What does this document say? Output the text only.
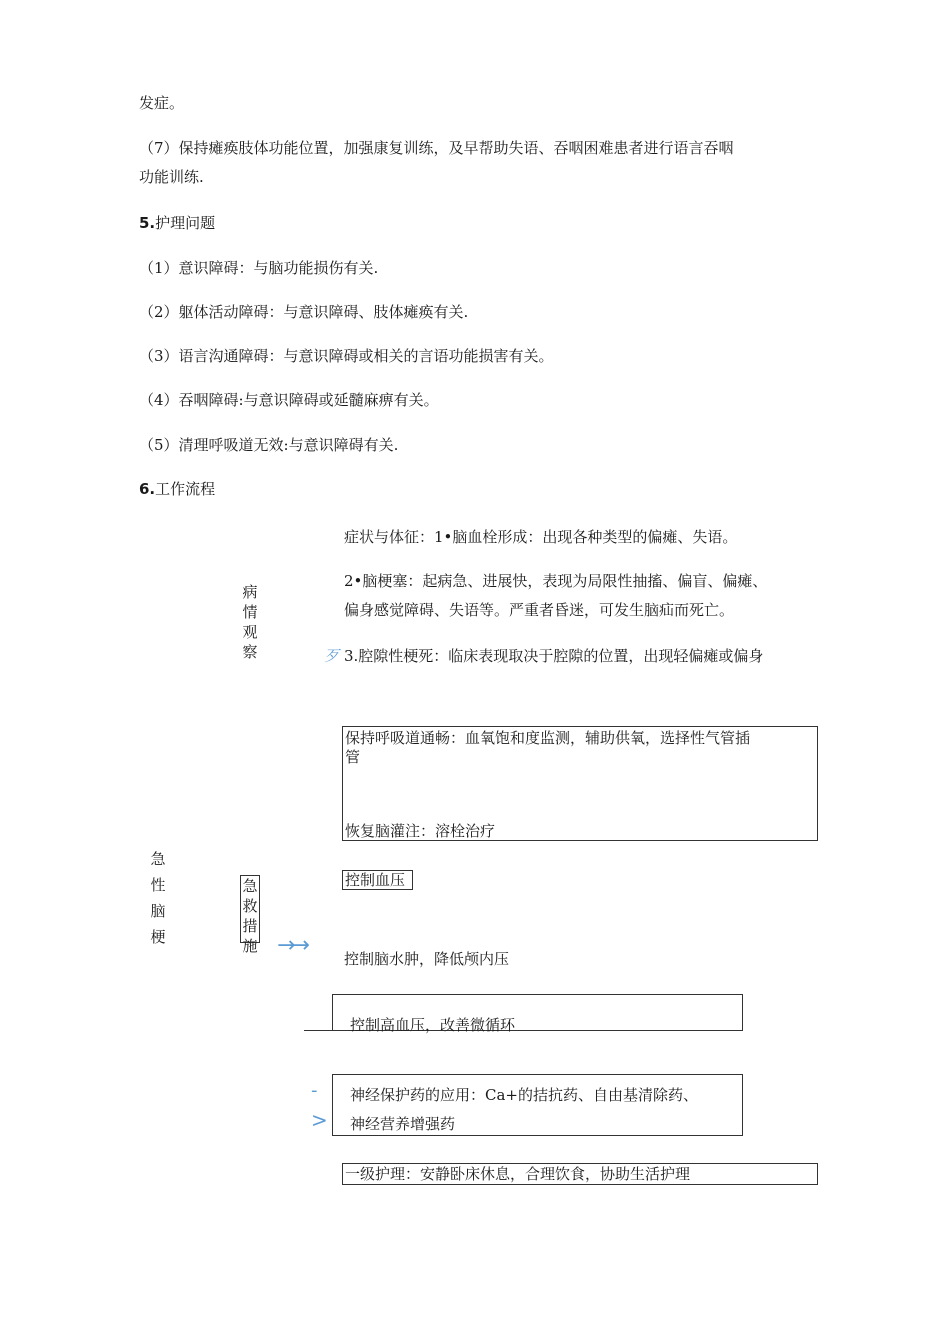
发症。
（7）保持瘫痪肢体功能位置，加强康复训练，及早帮助失语、吞咽困难患者进行语言吞咽
功能训练.
5.护理问题
（1）意识障碍：与脑功能损伤有关.
（2）躯体活动障碍：与意识障碍、肢体瘫痪有关.
（3）语言沟通障碍：与意识障碍或相关的言语功能损害有关。
（4）吞咽障碍:与意识障碍或延髓麻痹有关。
（5）清理呼吸道无效:与意识障碍有关.
6.工作流程
急性脑梗
病情观察
急救措施
症状与体征：1•脑血栓形成：出现各种类型的偏瘫、失语。
2•脑梗塞：起病急、进展快，表现为局限性抽搐、偏盲、偏瘫、
偏身感觉障碍、失语等。严重者昏迷，可发生脑疝而死亡。
歹 3.腔隙性梗死：临床表现取决于腔隙的位置，出现轻偏瘫或偏身
保持呼吸道通畅：血氧饱和度监测，辅助供氧，选择性气管插
管
恢复脑灌注：溶栓治疗
控制血压
→→
控制脑水肿，降低颅内压
控制高血压，改善微循环
-
>
神经保护药的应用：Ca+的拮抗药、自由基清除药、
神经营养增强药
一级护理：安静卧床休息，合理饮食，协助生活护理
